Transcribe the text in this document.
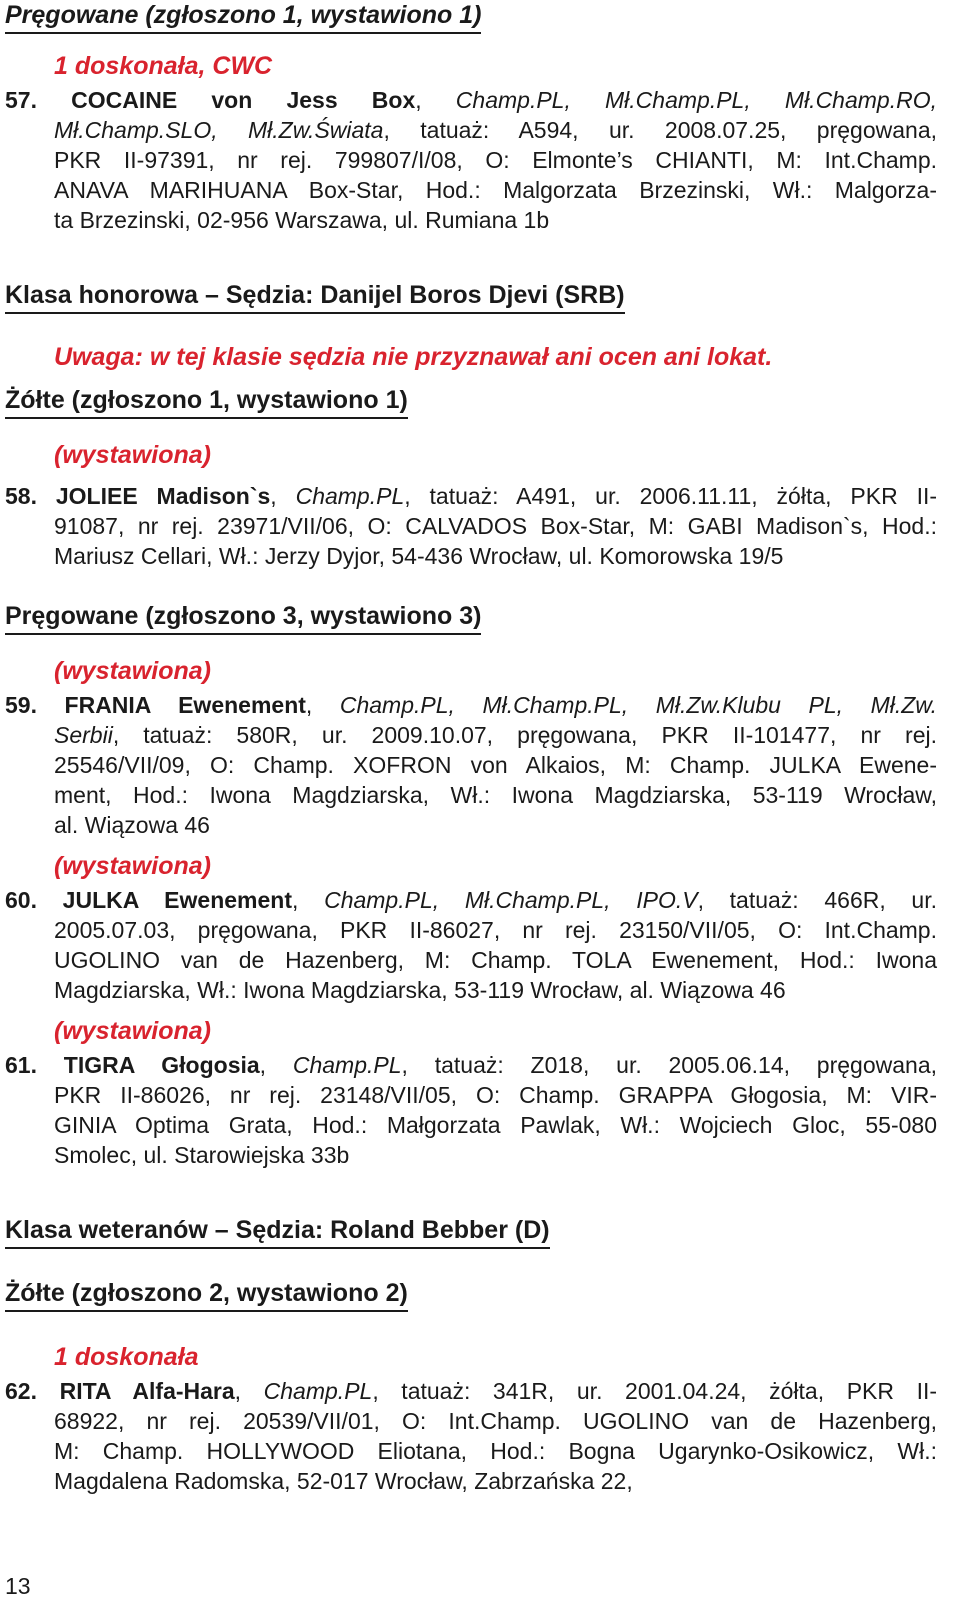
Pręgowane (zgłoszono 1, wystawiono 1)
1 doskonała, CWC
57. COCAINE von Jess Box, Champ.PL, Mł.Champ.PL, Mł.Champ.RO,
Mł.Champ.SLO, Mł.Zw.Świata, tatuaż: A594, ur. 2008.07.25, pręgowana,
PKR II-97391, nr rej. 799807/I/08, O: Elmonte’s CHIANTI, M: Int.Champ.
ANAVA MARIHUANA Box-Star, Hod.: Malgorzata Brzezinski, Wł.: Malgorza-
ta Brzezinski, 02-956 Warszawa, ul. Rumiana 1b
Klasa honorowa – Sędzia: Danijel Boros Djevi (SRB)
Uwaga: w tej klasie sędzia nie przyznawał ani ocen ani lokat.
Żółte (zgłoszono 1, wystawiono 1)
(wystawiona)
58. JOLIEE Madison`s, Champ.PL, tatuaż: A491, ur. 2006.11.11, żółta, PKR II-
91087, nr rej. 23971/VII/06, O: CALVADOS Box-Star, M: GABI Madison`s, Hod.:
Mariusz Cellari, Wł.: Jerzy Dyjor, 54-436 Wrocław, ul. Komorowska 19/5
Pręgowane (zgłoszono 3, wystawiono 3)
(wystawiona)
59. FRANIA Ewenement, Champ.PL, Mł.Champ.PL, Mł.Zw.Klubu PL, Mł.Zw.
Serbii, tatuaż: 580R, ur. 2009.10.07, pręgowana, PKR II-101477, nr rej.
25546/VII/09, O: Champ. XOFRON von Alkaios, M: Champ. JULKA Ewene-
ment, Hod.: Iwona Magdziarska, Wł.: Iwona Magdziarska, 53-119 Wrocław,
al. Wiązowa 46
(wystawiona)
60. JULKA Ewenement, Champ.PL, Mł.Champ.PL, IPO.V, tatuaż: 466R, ur.
2005.07.03, pręgowana, PKR II-86027, nr rej. 23150/VII/05, O: Int.Champ.
UGOLINO van de Hazenberg, M: Champ. TOLA Ewenement, Hod.: Iwona
Magdziarska, Wł.: Iwona Magdziarska, 53-119 Wrocław, al. Wiązowa 46
(wystawiona)
61. TIGRA Głogosia, Champ.PL, tatuaż: Z018, ur. 2005.06.14, pręgowana,
PKR II-86026, nr rej. 23148/VII/05, O: Champ. GRAPPA Głogosia, M: VIR-
GINIA Optima Grata, Hod.: Małgorzata Pawlak, Wł.: Wojciech Gloc, 55-080
Smolec, ul. Starowiejska 33b
Klasa weteranów – Sędzia: Roland Bebber (D)
Żółte (zgłoszono 2, wystawiono 2)
1 doskonała
62. RITA Alfa-Hara, Champ.PL, tatuaż: 341R, ur. 2001.04.24, żółta, PKR II-
68922, nr rej. 20539/VII/01, O: Int.Champ. UGOLINO van de Hazenberg,
M: Champ. HOLLYWOOD Eliotana, Hod.: Bogna Ugarynko-Osikowicz, Wł.:
Magdalena Radomska, 52-017 Wrocław, Zabrzańska 22,
13
